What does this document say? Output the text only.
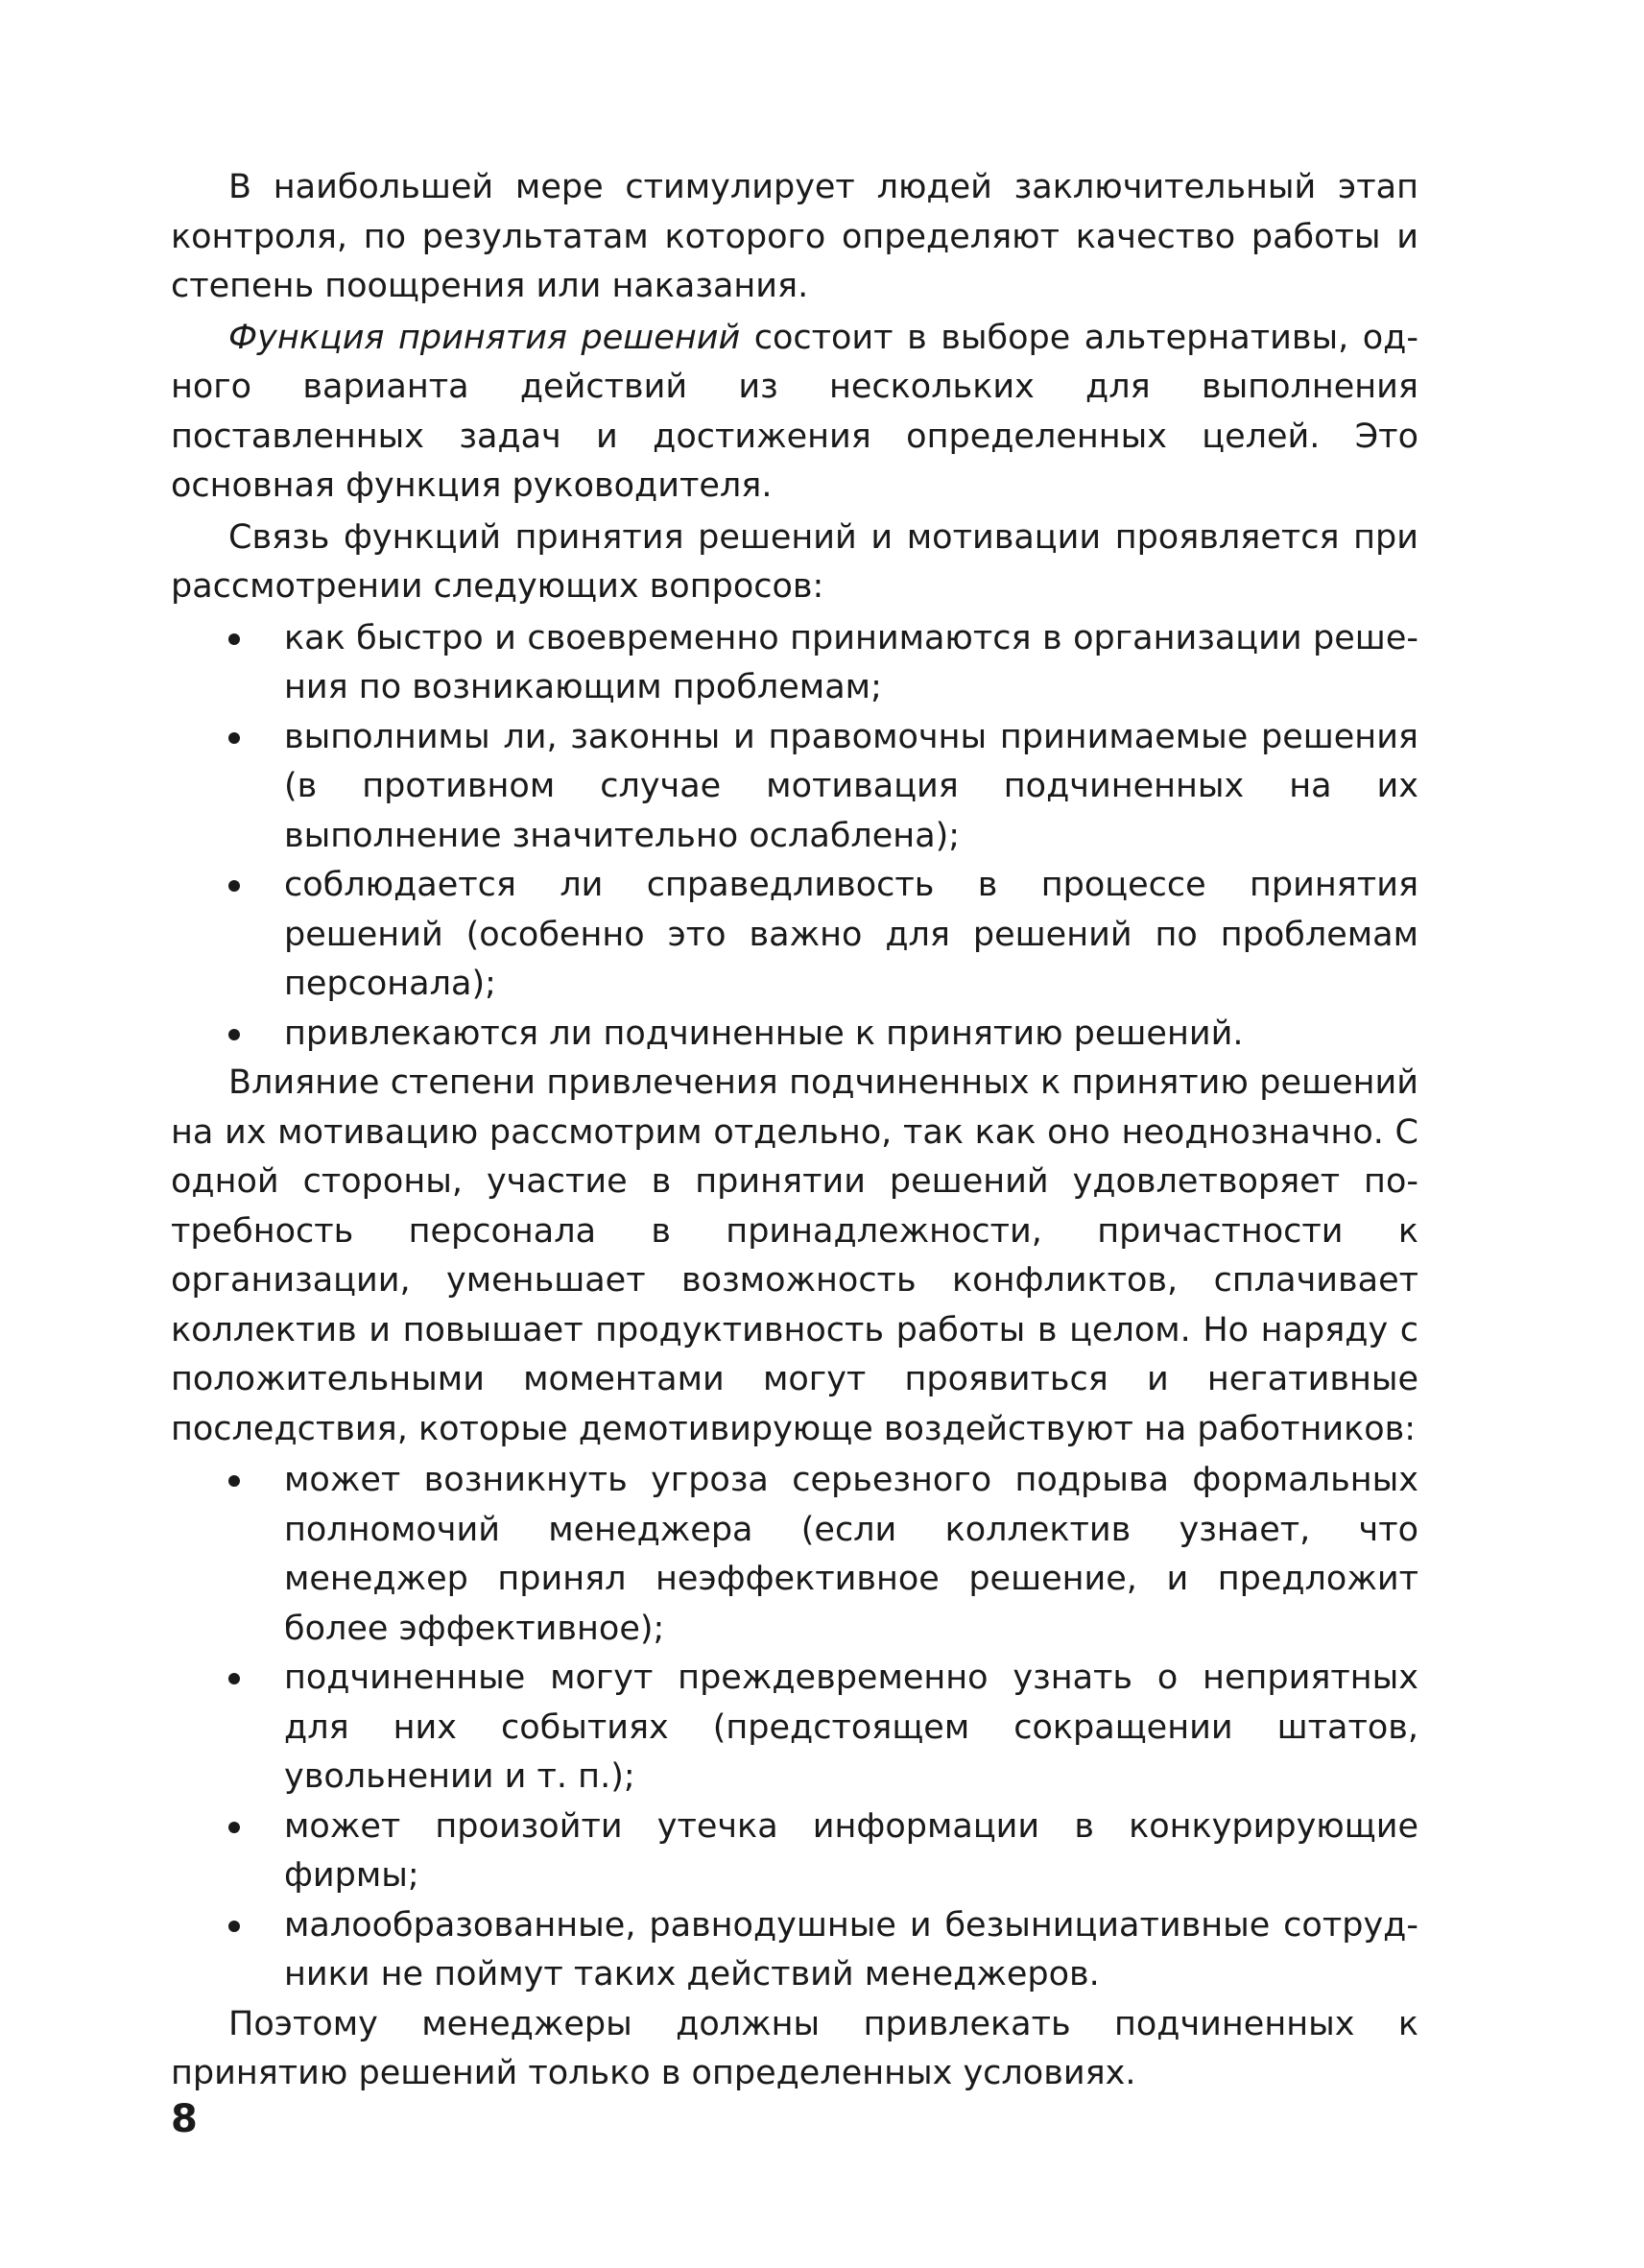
В наибольшей мере стимулирует людей заключительный этап контроля, по результатам которого определяют качество работы и степень поощрения или наказания.

Функция принятия решений состоит в выборе альтернативы, одного варианта действий из нескольких для выполнения поставленных задач и достижения определенных целей. Это основная функция руководителя.

Связь функций принятия решений и мотивации проявляется при рассмотрении следующих вопросов:

как быстро и своевременно принимаются в организации решения по возникающим проблемам;
выполнимы ли, законны и правомочны принимаемые решения (в противном случае мотивация подчиненных на их выполнение значительно ослаблена);
соблюдается ли справедливость в процессе принятия решений (особенно это важно для решений по проблемам персонала);
привлекаются ли подчиненные к принятию решений.

Влияние степени привлечения подчиненных к принятию решений на их мотивацию рассмотрим отдельно, так как оно неоднозначно. С одной стороны, участие в принятии решений удовлетворяет потребность персонала в принадлежности, причастности к организации, уменьшает возможность конфликтов, сплачивает коллектив и повышает продуктивность работы в целом. Но наряду с положительными моментами могут проявиться и негативные последствия, которые демотивирующе воздействуют на работников:

может возникнуть угроза серьезного подрыва формальных полномочий менеджера (если коллектив узнает, что менеджер принял неэффективное решение, и предложит более эффективное);
подчиненные могут преждевременно узнать о неприятных для них событиях (предстоящем сокращении штатов, увольнении и т. п.);
может произойти утечка информации в конкурирующие фирмы;
малообразованные, равнодушные и безынициативные сотрудники не поймут таких действий менеджеров.

Поэтому менеджеры должны привлекать подчиненных к принятию решений только в определенных условиях.

8
